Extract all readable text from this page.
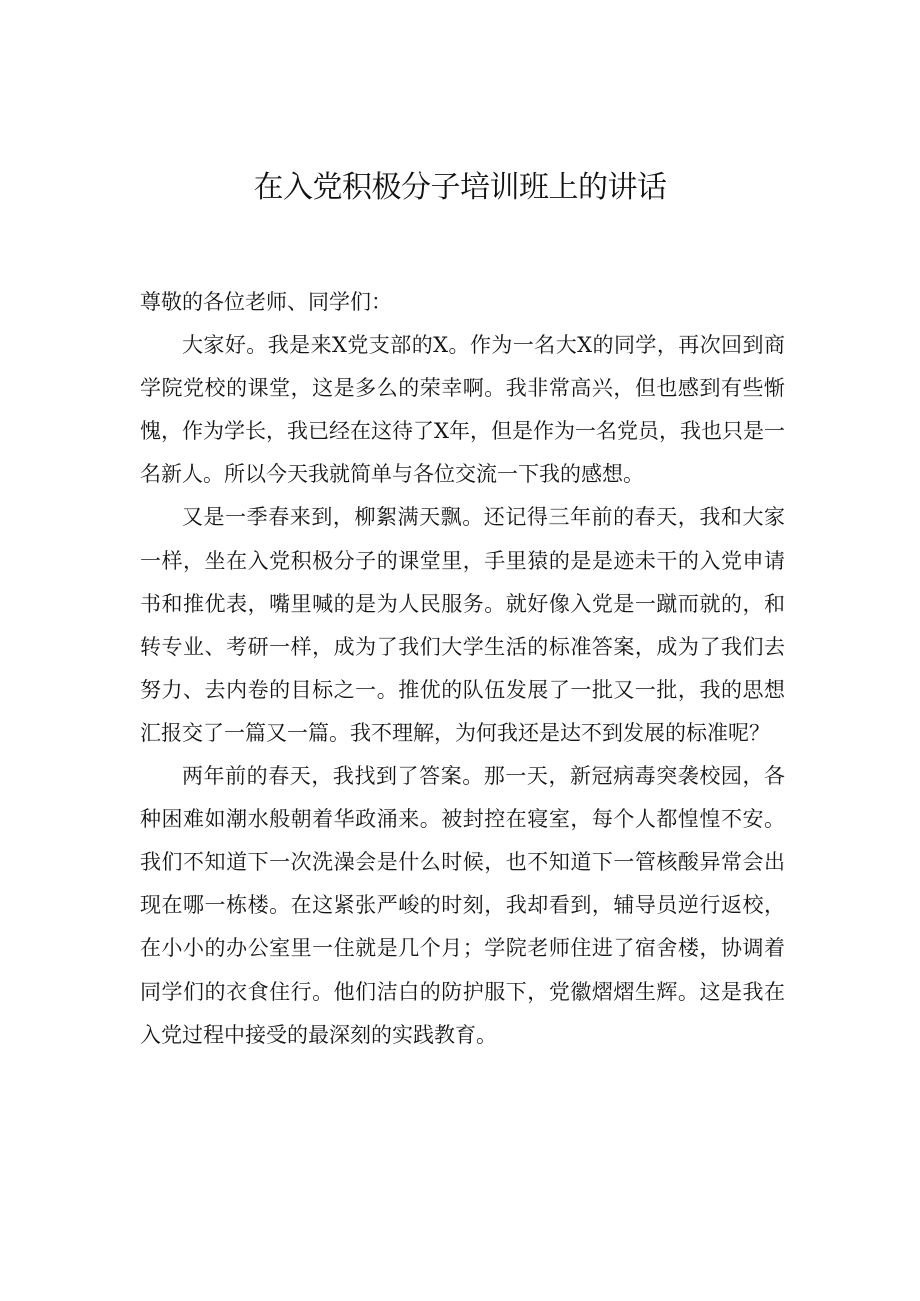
在入党积极分子培训班上的讲话

尊敬的各位老师、同学们：

大家好。我是来X党支部的X。作为一名大X的同学，再次回到商学院党校的课堂，这是多么的荣幸啊。我非常高兴，但也感到有些惭愧，作为学长，我已经在这待了X年，但是作为一名党员，我也只是一名新人。所以今天我就简单与各位交流一下我的感想。

又是一季春来到，柳絮满天飘。还记得三年前的春天，我和大家一样，坐在入党积极分子的课堂里，手里猿的是是迹未干的入党申请书和推优表，嘴里喊的是为人民服务。就好像入党是一蹴而就的，和转专业、考研一样，成为了我们大学生活的标准答案，成为了我们去努力、去内卷的目标之一。推优的队伍发展了一批又一批，我的思想汇报交了一篇又一篇。我不理解，为何我还是达不到发展的标准呢？

两年前的春天，我找到了答案。那一天，新冠病毒突袭校园，各种困难如潮水般朝着华政涌来。被封控在寝室，每个人都惶惶不安。我们不知道下一次洗澡会是什么时候，也不知道下一管核酸异常会出现在哪一栋楼。在这紧张严峻的时刻，我却看到，辅导员逆行返校，在小小的办公室里一住就是几个月；学院老师住进了宿舍楼，协调着同学们的衣食住行。他们洁白的防护服下，党徽熠熠生辉。这是我在入党过程中接受的最深刻的实践教育。
